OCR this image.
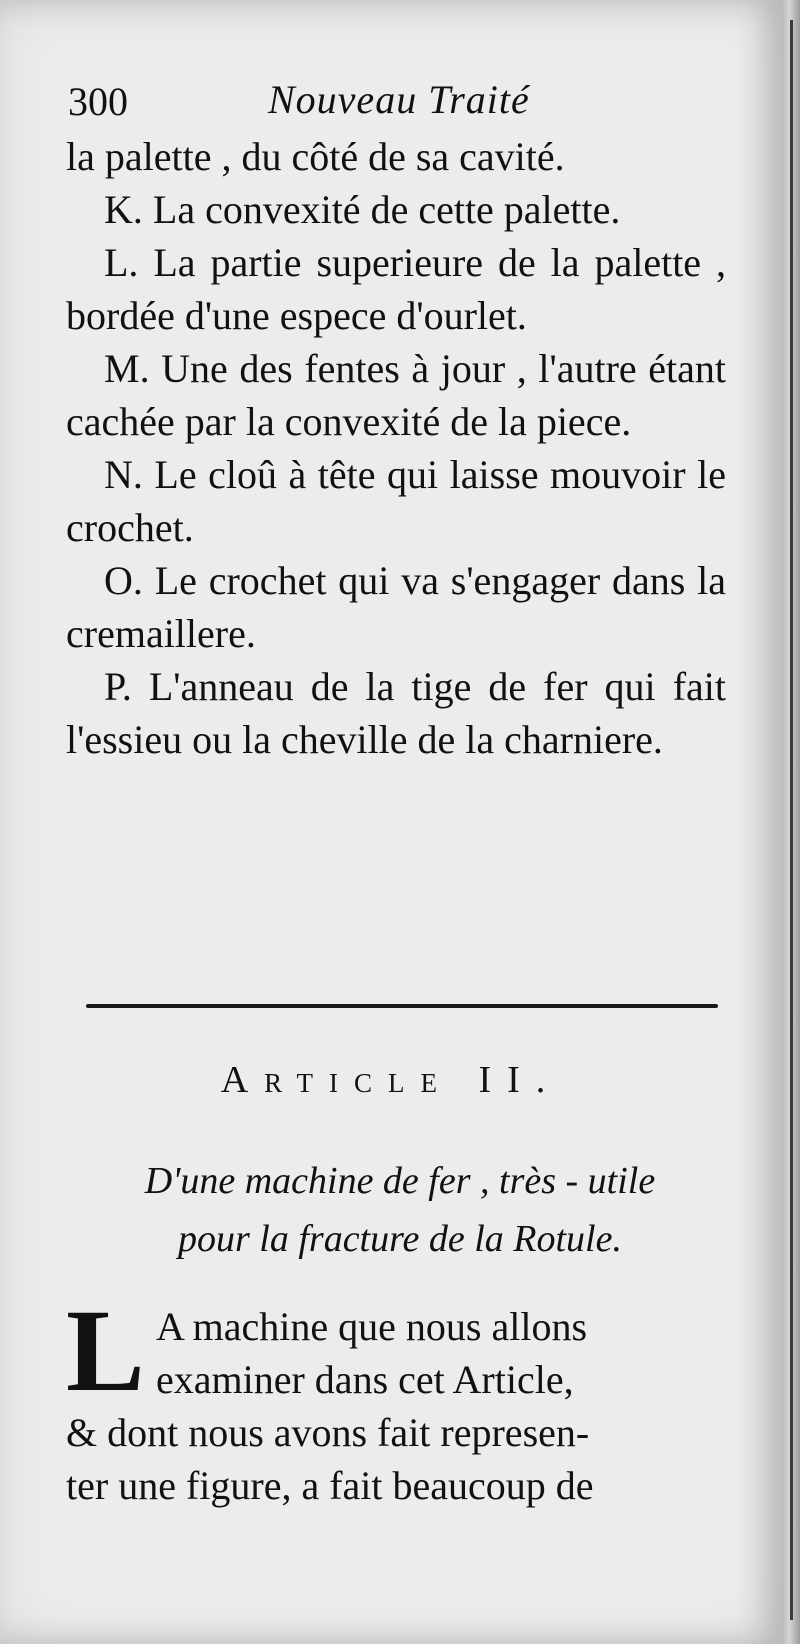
300	Nouveau Traité

la palette , du côté de sa cavité.

K. La convexité de cette palette.

L. La partie superieure de la palette , bordée d'une espece d'ourlet.

M. Une des fentes à jour , l'autre étant cachée par la convexité de la piece.

N. Le cloû à tête qui laisse mouvoir le crochet.

O. Le crochet qui va s'engager dans la cremaillere.

P. L'anneau de la tige de fer qui fait l'essieu ou la cheville de la charniere.

Article II.
D'une machine de fer , très - utile
pour la fracture de la Rotule.
L A machine que nous allons
examiner dans cet Article,
& dont nous avons fait represen-
ter une figure, a fait beaucoup de
